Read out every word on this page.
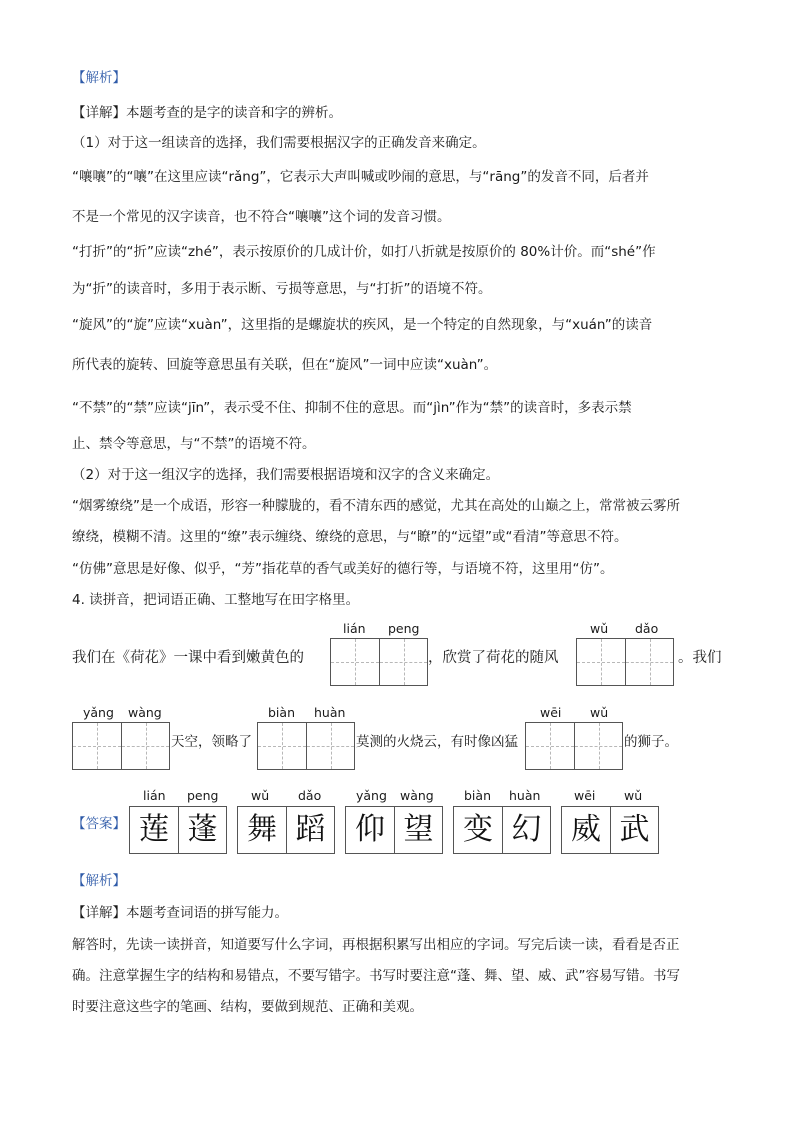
【解析】
【详解】本题考查的是字的读音和字的辨析。
（1）对于这一组读音的选择，我们需要根据汉字的正确发音来确定。
“嚷嚷”的“嚷”在这里应读“rǎng”，它表示大声叫喊或吵闹的意思，与“rāng”的发音不同，后者并
不是一个常见的汉字读音，也不符合“嚷嚷”这个词的发音习惯。
“打折”的“折”应读“zhé”，表示按原价的几成计价，如打八折就是按原价的 80%计价。而“shé”作
为“折”的读音时，多用于表示断、亏损等意思，与“打折”的语境不符。
“旋风”的“旋”应读“xuàn”，这里指的是螺旋状的疾风，是一个特定的自然现象，与“xuán”的读音
所代表的旋转、回旋等意思虽有关联，但在“旋风”一词中应读“xuàn”。
“不禁”的“禁”应读“jīn”，表示受不住、抑制不住的意思。而“jìn”作为“禁”的读音时，多表示禁
止、禁令等意思，与“不禁”的语境不符。
（2）对于这一组汉字的选择，我们需要根据语境和汉字的含义来确定。
“烟雾缭绕”是一个成语，形容一种朦胧的，看不清东西的感觉，尤其在高处的山巅之上，常常被云雾所
缭绕，模糊不清。这里的“缭”表示缠绕、缭绕的意思，与“瞭”的“远望”或“看清”等意思不符。
“仿佛”意思是好像、似乎，“芳”指花草的香气或美好的德行等，与语境不符，这里用“仿”。
4. 读拼音，把词语正确、工整地写在田字格里。
lián peng	wǔ dǎo
我们在《荷花》一课中看到嫩黄色的	，欣赏了荷花的随风	。我们
yǎng wàng	biàn huàn	wēi wǔ
天空，领略了	莫测的火烧云，有时像凶猛	的狮子。
【答案】
lián peng	wǔ dǎo	yǎng wàng biàn huàn	wēi wǔ
莲 蓬 舞 蹈 仰 望 变 幻 威 武
【解析】
【详解】本题考查词语的拼写能力。
解答时，先读一读拼音，知道要写什么字词，再根据积累写出相应的字词。写完后读一读，看看是否正
确。注意掌握生字的结构和易错点，不要写错字。书写时要注意“蓬、舞、望、威、武”容易写错。书写
时要注意这些字的笔画、结构，要做到规范、正确和美观。
